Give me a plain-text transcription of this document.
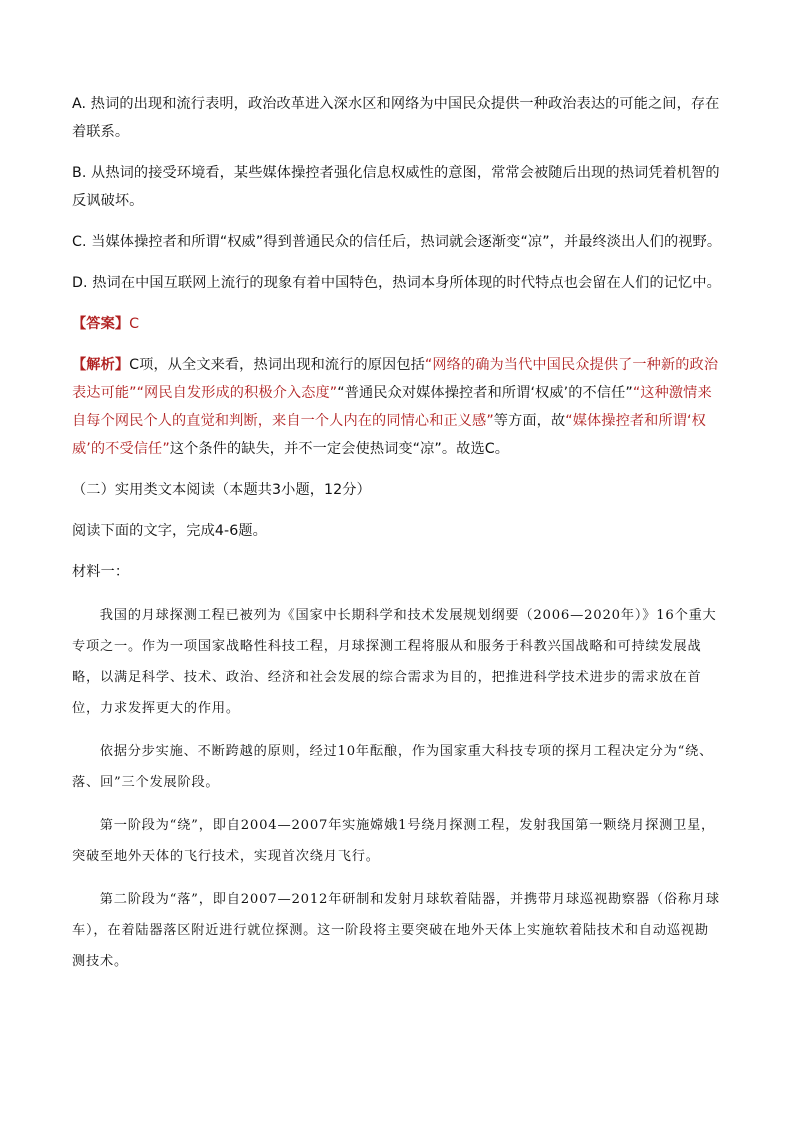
A. 热词的出现和流行表明，政治改革进入深水区和网络为中国民众提供一种政治表达的可能之间，存在着联系。

B. 从热词的接受环境看，某些媒体操控者强化信息权威性的意图，常常会被随后出现的热词凭着机智的反讽破坏。

C. 当媒体操控者和所谓“权威”得到普通民众的信任后，热词就会逐渐变“凉”，并最终淡出人们的视野。

D. 热词在中国互联网上流行的现象有着中国特色，热词本身所体现的时代特点也会留在人们的记忆中。

【答案】C

【解析】C项，从全文来看，热词出现和流行的原因包括“网络的确为当代中国民众提供了一种新的政治表达可能”“网民自发形成的积极介入态度”“普通民众对媒体操控者和所谓‘权威’的不信任”“这种激情来自每个网民个人的直觉和判断，来自一个人内在的同情心和正义感”等方面，故“媒体操控者和所谓‘权威’的不受信任”这个条件的缺失，并不一定会使热词变“凉”。故选C。

（二）实用类文本阅读（本题共3小题，12分）

阅读下面的文字，完成4-6题。

材料一：

我国的月球探测工程已被列为《国家中长期科学和技术发展规划纲要（2006—2020年）》16个重大专项之一。作为一项国家战略性科技工程，月球探测工程将服从和服务于科教兴国战略和可持续发展战略，以满足科学、技术、政治、经济和社会发展的综合需求为目的，把推进科学技术进步的需求放在首位，力求发挥更大的作用。

依据分步实施、不断跨越的原则，经过10年酝酿，作为国家重大科技专项的探月工程决定分为“绕、落、回”三个发展阶段。

第一阶段为“绕”，即自2004—2007年实施嫦娥1号绕月探测工程，发射我国第一颗绕月探测卫星，突破至地外天体的飞行技术，实现首次绕月飞行。

第二阶段为“落”，即自2007—2012年研制和发射月球软着陆器，并携带月球巡视勘察器（俗称月球车），在着陆器落区附近进行就位探测。这一阶段将主要突破在地外天体上实施软着陆技术和自动巡视勘测技术。
